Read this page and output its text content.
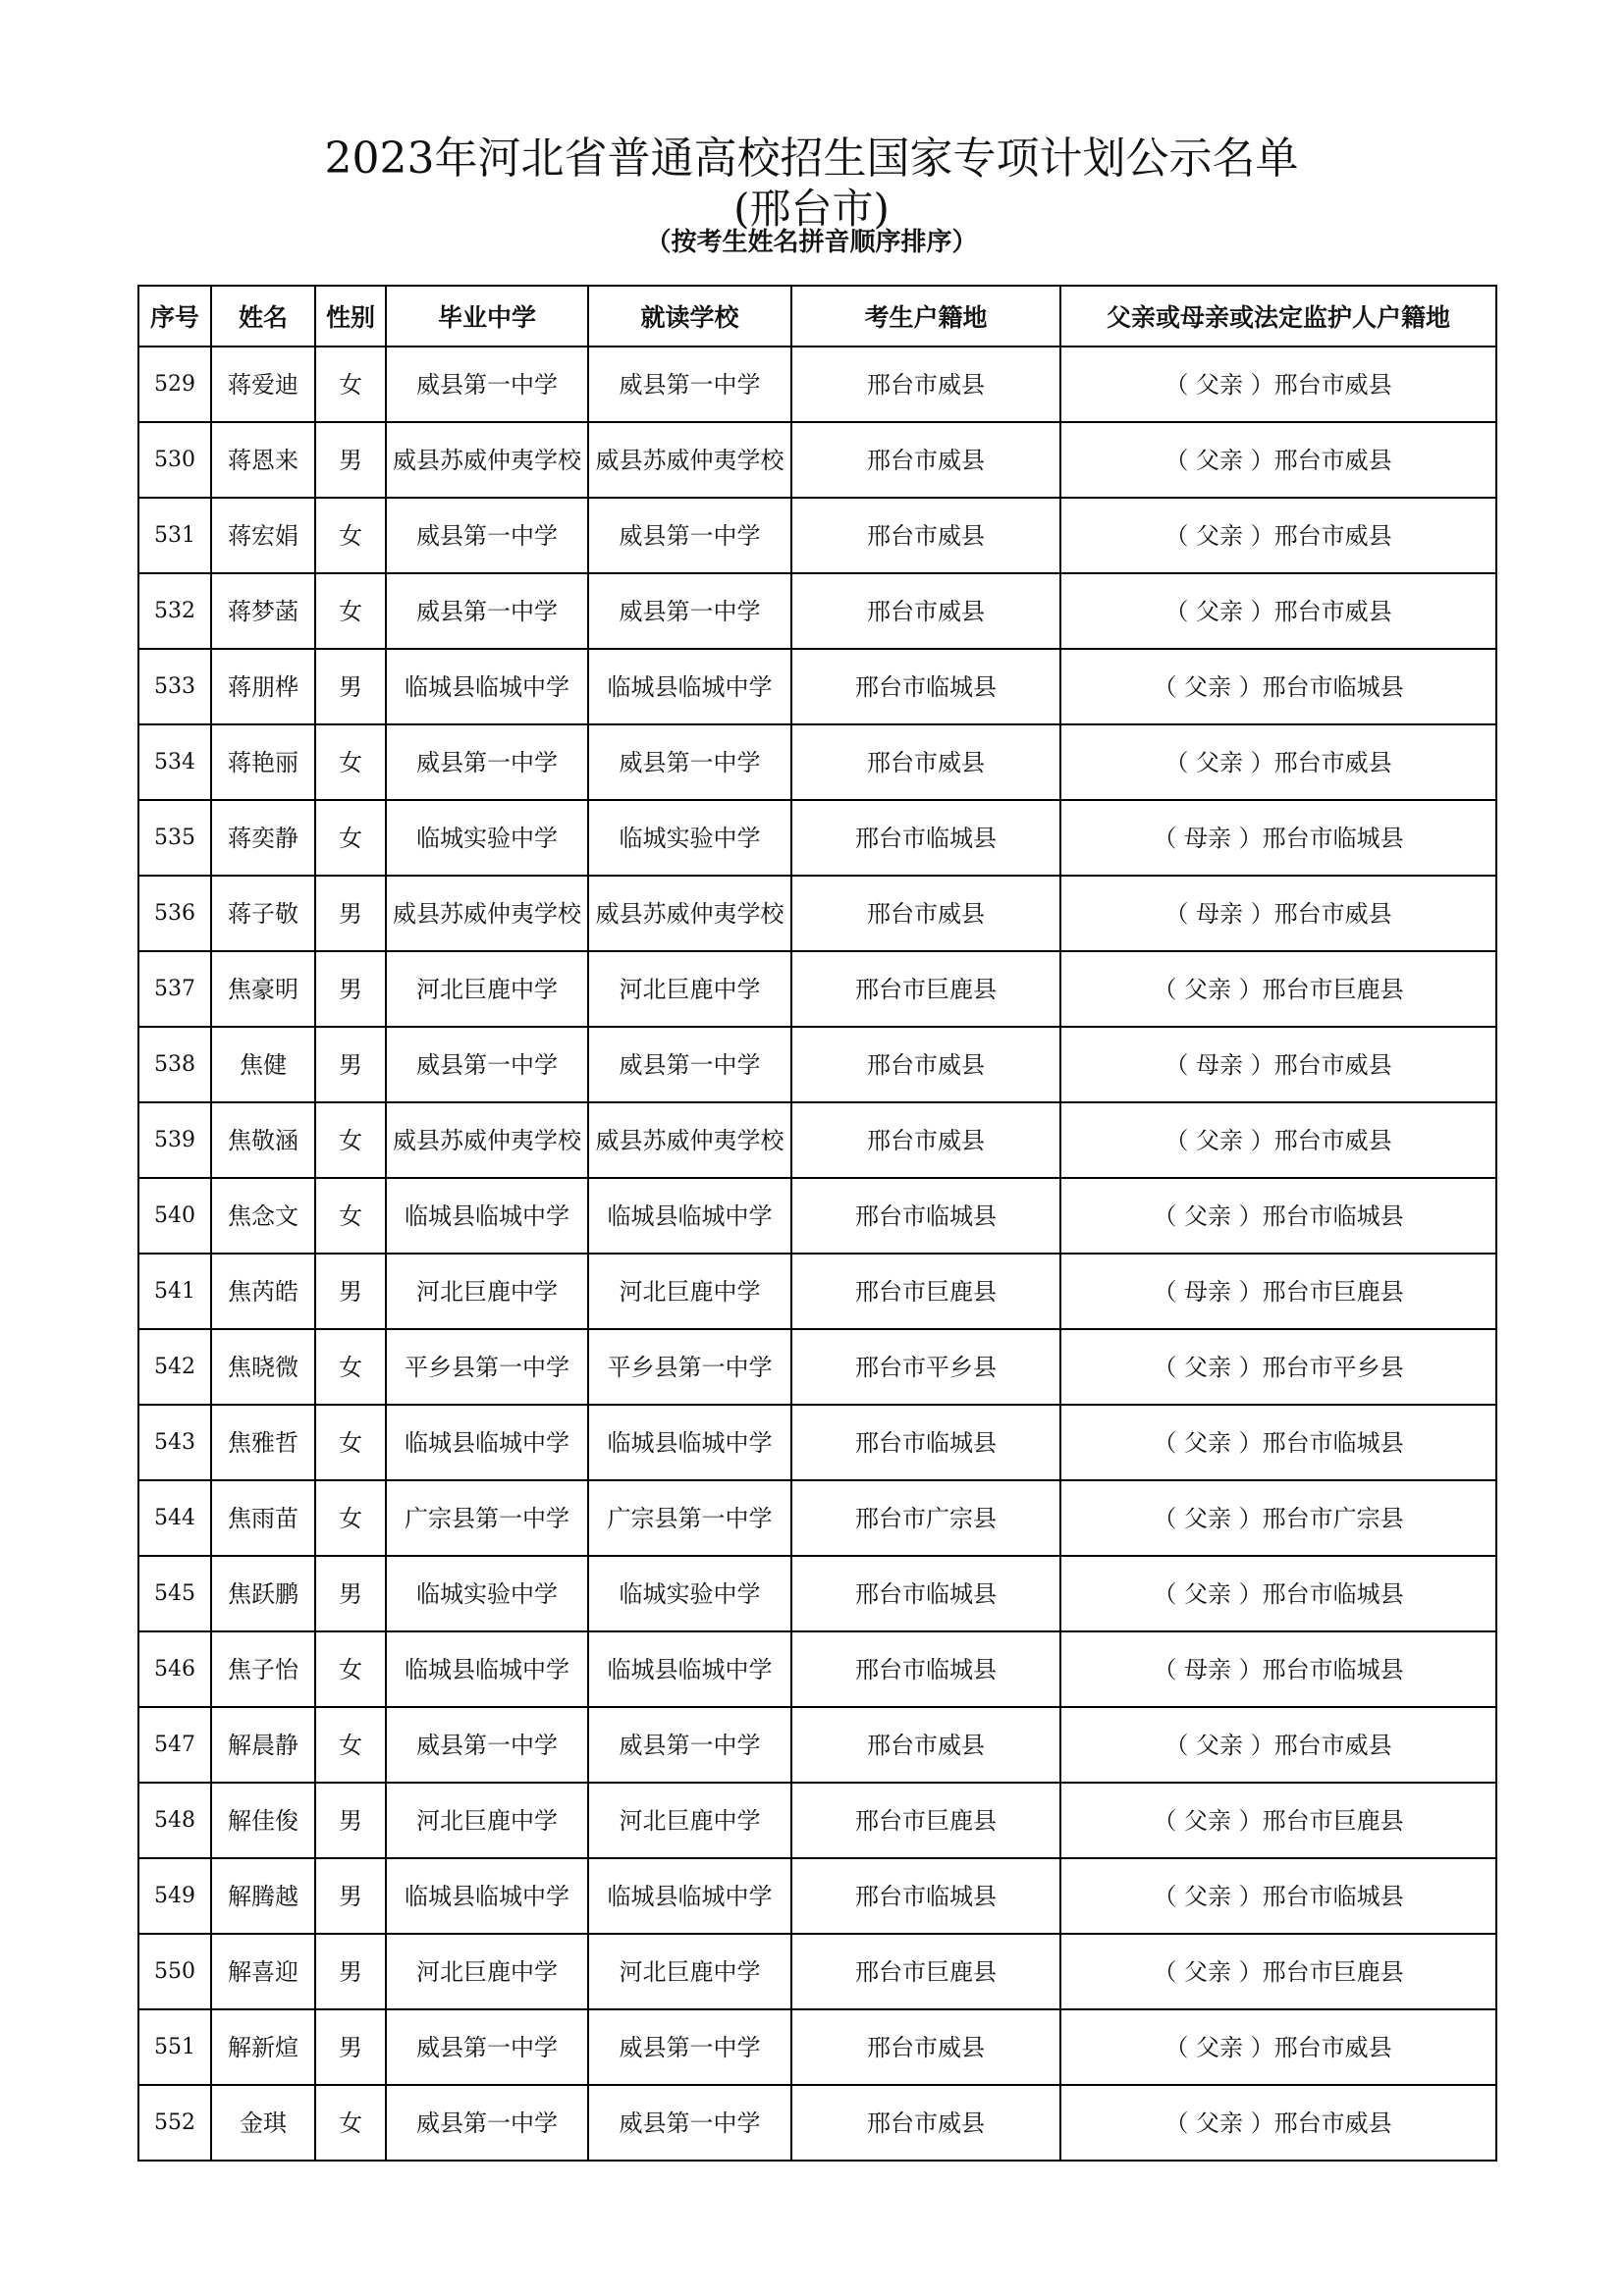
2023年河北省普通高校招生国家专项计划公示名单
(邢台市)
（按考生姓名拼音顺序排序）
序号	姓名	性别	毕业中学	就读学校	考生户籍地	父亲或母亲或法定监护人户籍地
529	蒋爱迪	女	威县第一中学	威县第一中学	邢台市威县	（ 父亲 ）邢台市威县
530	蒋恩来	男	威县苏威仲夷学校	威县苏威仲夷学校	邢台市威县	（ 父亲 ）邢台市威县
531	蒋宏娟	女	威县第一中学	威县第一中学	邢台市威县	（ 父亲 ）邢台市威县
532	蒋梦菡	女	威县第一中学	威县第一中学	邢台市威县	（ 父亲 ）邢台市威县
533	蒋朋桦	男	临城县临城中学	临城县临城中学	邢台市临城县	（ 父亲 ）邢台市临城县
534	蒋艳丽	女	威县第一中学	威县第一中学	邢台市威县	（ 父亲 ）邢台市威县
535	蒋奕静	女	临城实验中学	临城实验中学	邢台市临城县	（ 母亲 ）邢台市临城县
536	蒋子敬	男	威县苏威仲夷学校	威县苏威仲夷学校	邢台市威县	（ 母亲 ）邢台市威县
537	焦豪明	男	河北巨鹿中学	河北巨鹿中学	邢台市巨鹿县	（ 父亲 ）邢台市巨鹿县
538	焦健	男	威县第一中学	威县第一中学	邢台市威县	（ 母亲 ）邢台市威县
539	焦敬涵	女	威县苏威仲夷学校	威县苏威仲夷学校	邢台市威县	（ 父亲 ）邢台市威县
540	焦念文	女	临城县临城中学	临城县临城中学	邢台市临城县	（ 父亲 ）邢台市临城县
541	焦芮皓	男	河北巨鹿中学	河北巨鹿中学	邢台市巨鹿县	（ 母亲 ）邢台市巨鹿县
542	焦晓微	女	平乡县第一中学	平乡县第一中学	邢台市平乡县	（ 父亲 ）邢台市平乡县
543	焦雅哲	女	临城县临城中学	临城县临城中学	邢台市临城县	（ 父亲 ）邢台市临城县
544	焦雨苗	女	广宗县第一中学	广宗县第一中学	邢台市广宗县	（ 父亲 ）邢台市广宗县
545	焦跃鹏	男	临城实验中学	临城实验中学	邢台市临城县	（ 父亲 ）邢台市临城县
546	焦子怡	女	临城县临城中学	临城县临城中学	邢台市临城县	（ 母亲 ）邢台市临城县
547	解晨静	女	威县第一中学	威县第一中学	邢台市威县	（ 父亲 ）邢台市威县
548	解佳俊	男	河北巨鹿中学	河北巨鹿中学	邢台市巨鹿县	（ 父亲 ）邢台市巨鹿县
549	解腾越	男	临城县临城中学	临城县临城中学	邢台市临城县	（ 父亲 ）邢台市临城县
550	解喜迎	男	河北巨鹿中学	河北巨鹿中学	邢台市巨鹿县	（ 父亲 ）邢台市巨鹿县
551	解新煊	男	威县第一中学	威县第一中学	邢台市威县	（ 父亲 ）邢台市威县
552	金琪	女	威县第一中学	威县第一中学	邢台市威县	（ 父亲 ）邢台市威县
